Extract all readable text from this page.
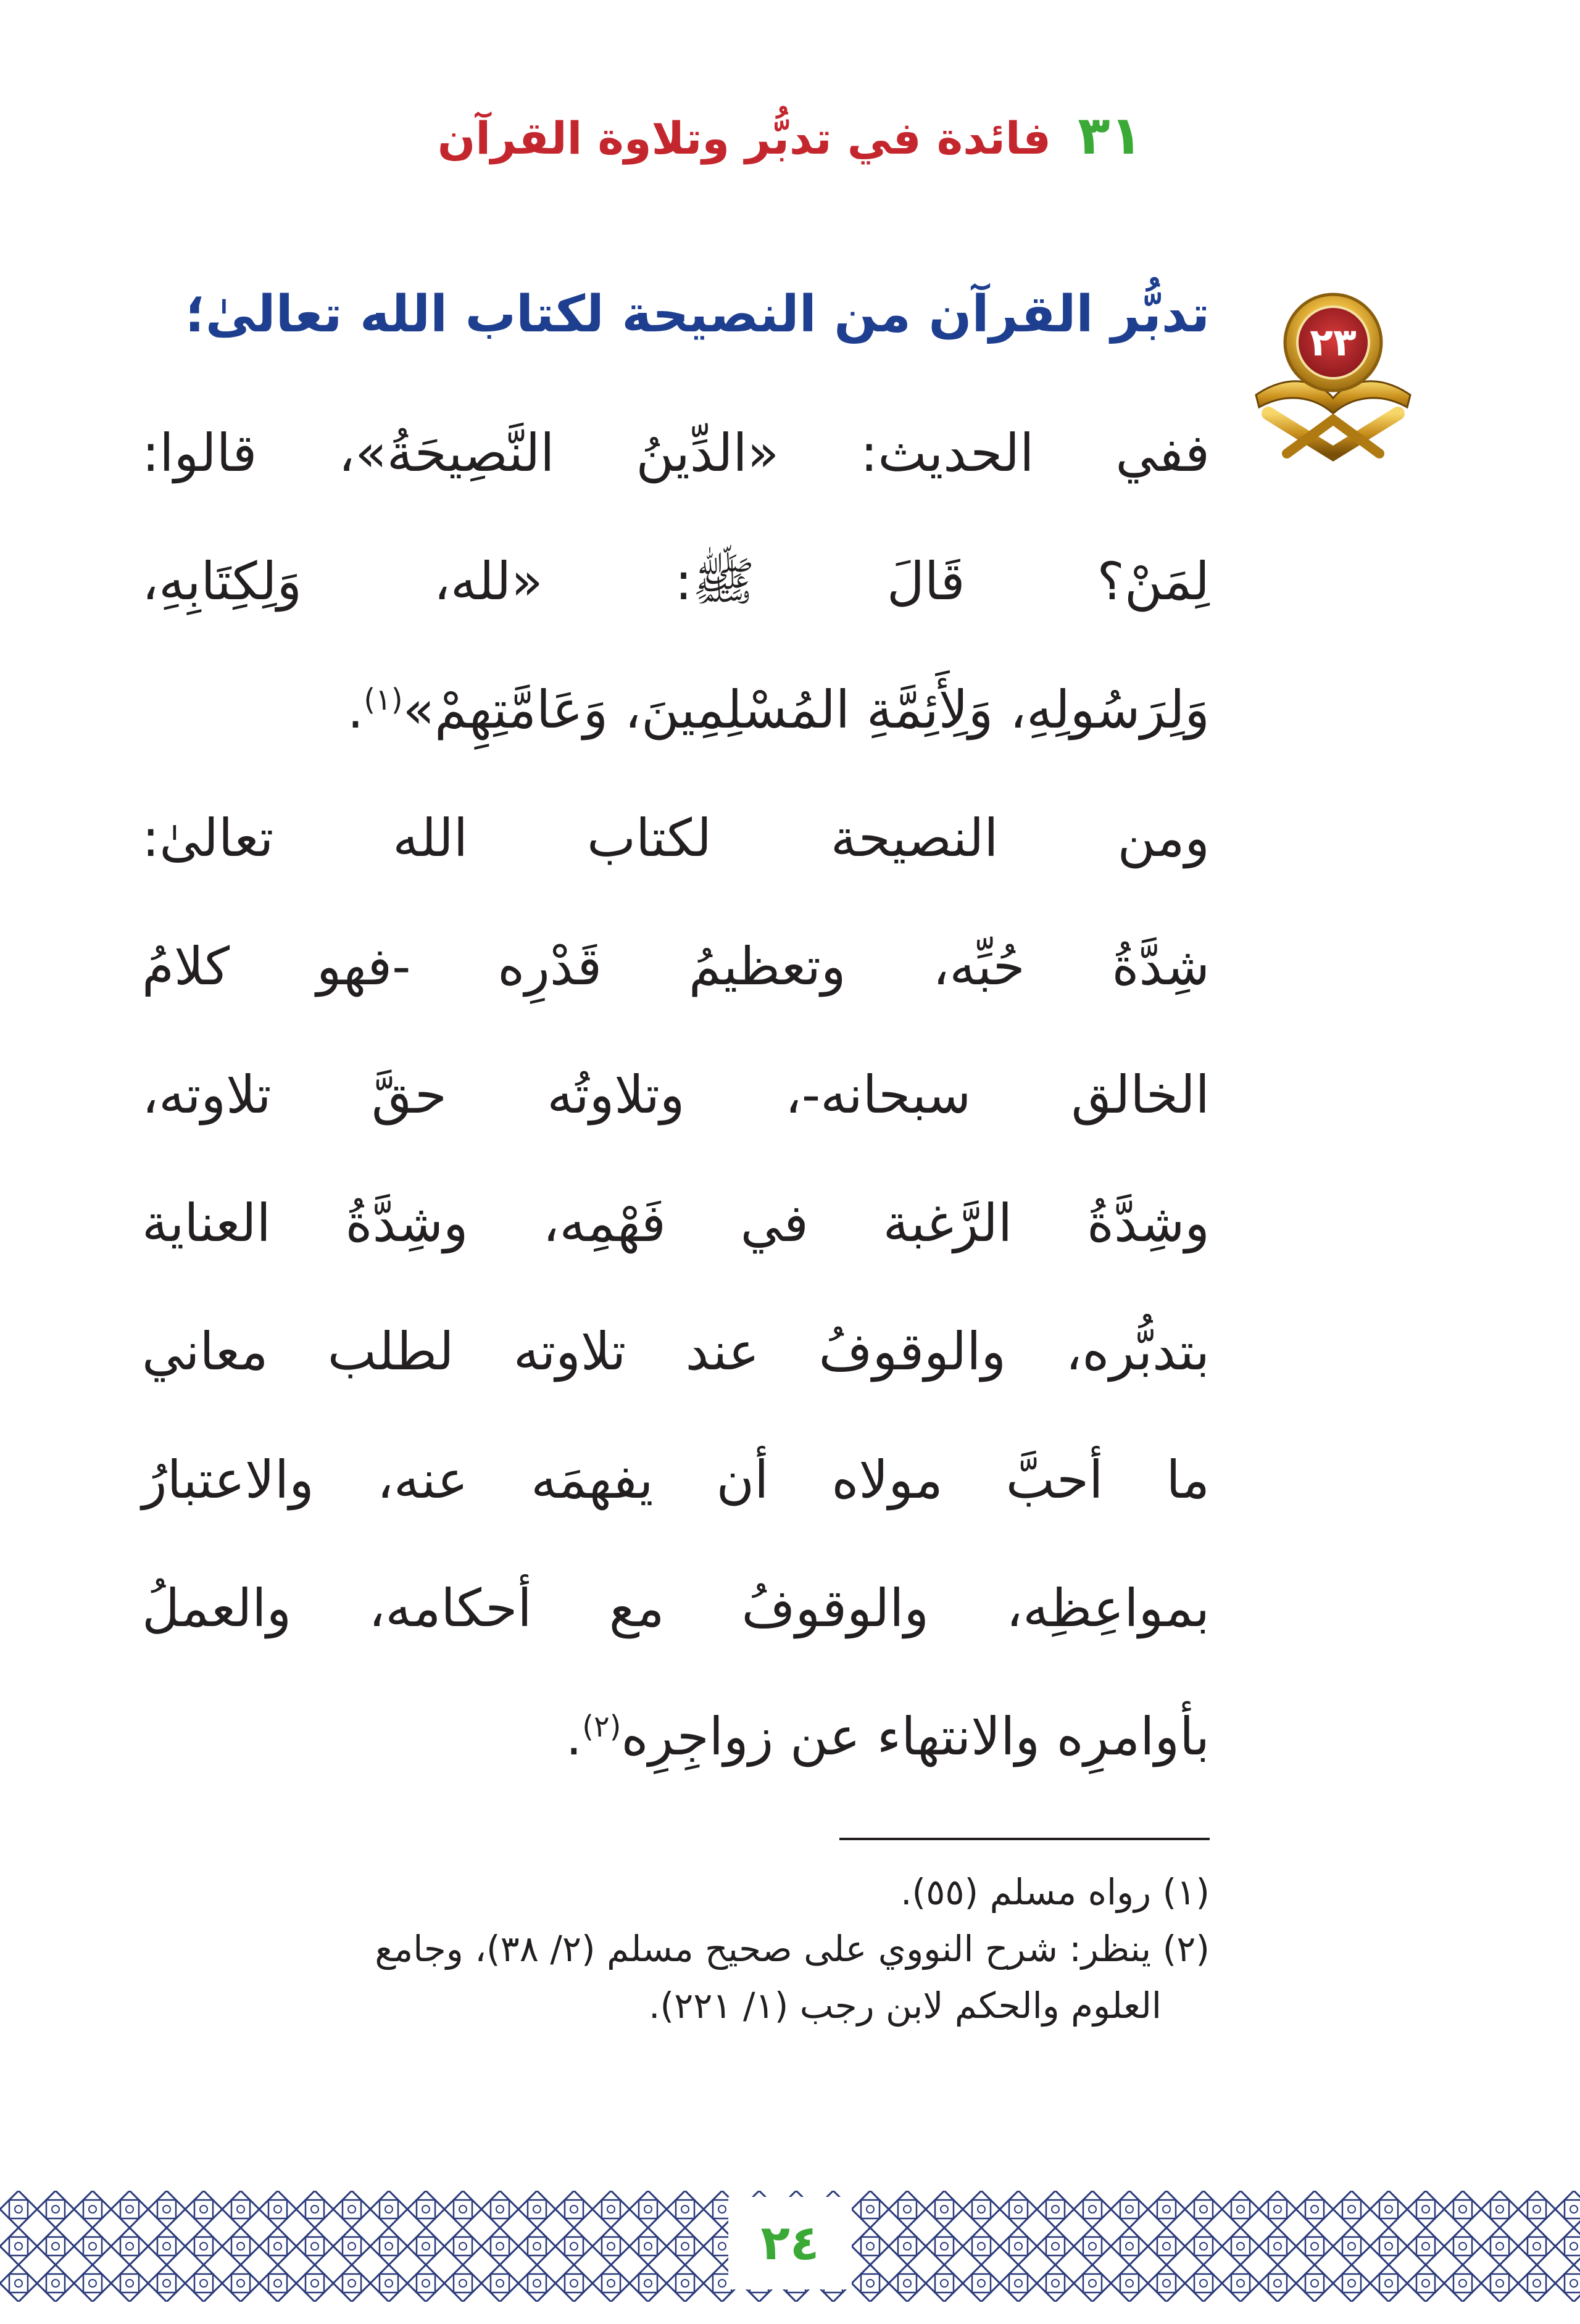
٣١ فائدة في تدبُّر وتلاوة القرآن
٢٣
تدبُّر القرآن من النصيحة لكتاب الله تعالىٰ؛
ففي الحديث: «الدِّينُ النَّصِيحَةُ»، قالوا:
لِمَنْ؟ قَالَ ﷺ: «لله، وَلِكِتَابِهِ،
وَلِرَسُولِهِ، وَلِأَئِمَّةِ المُسْلِمِينَ، وَعَامَّتِهِمْ»$^{(١)}$.
ومن النصيحة لكتاب الله تعالىٰ:
شِدَّةُ حُبِّه، وتعظيمُ قَدْرِه -فهو كلامُ
الخالق سبحانه-، وتلاوتُه حقَّ تلاوته،
وشِدَّةُ الرَّغبة في فَهْمِه، وشِدَّةُ العناية
بتدبُّره، والوقوفُ عند تلاوته لطلب معاني
ما أحبَّ مولاه أن يفهمَه عنه، والاعتبارُ
بمواعِظِه، والوقوفُ مع أحكامه، والعملُ
بأوامرِه والانتهاء عن زواجِرِه$^{(٢)}$.
(١) رواه مسلم (٥٥).
(٢) ينظر: شرح النووي على صحيح مسلم (٢/ ٣٨)، وجامع
العلوم والحكم لابن رجب (١/ ٢٢١).
٢٤
